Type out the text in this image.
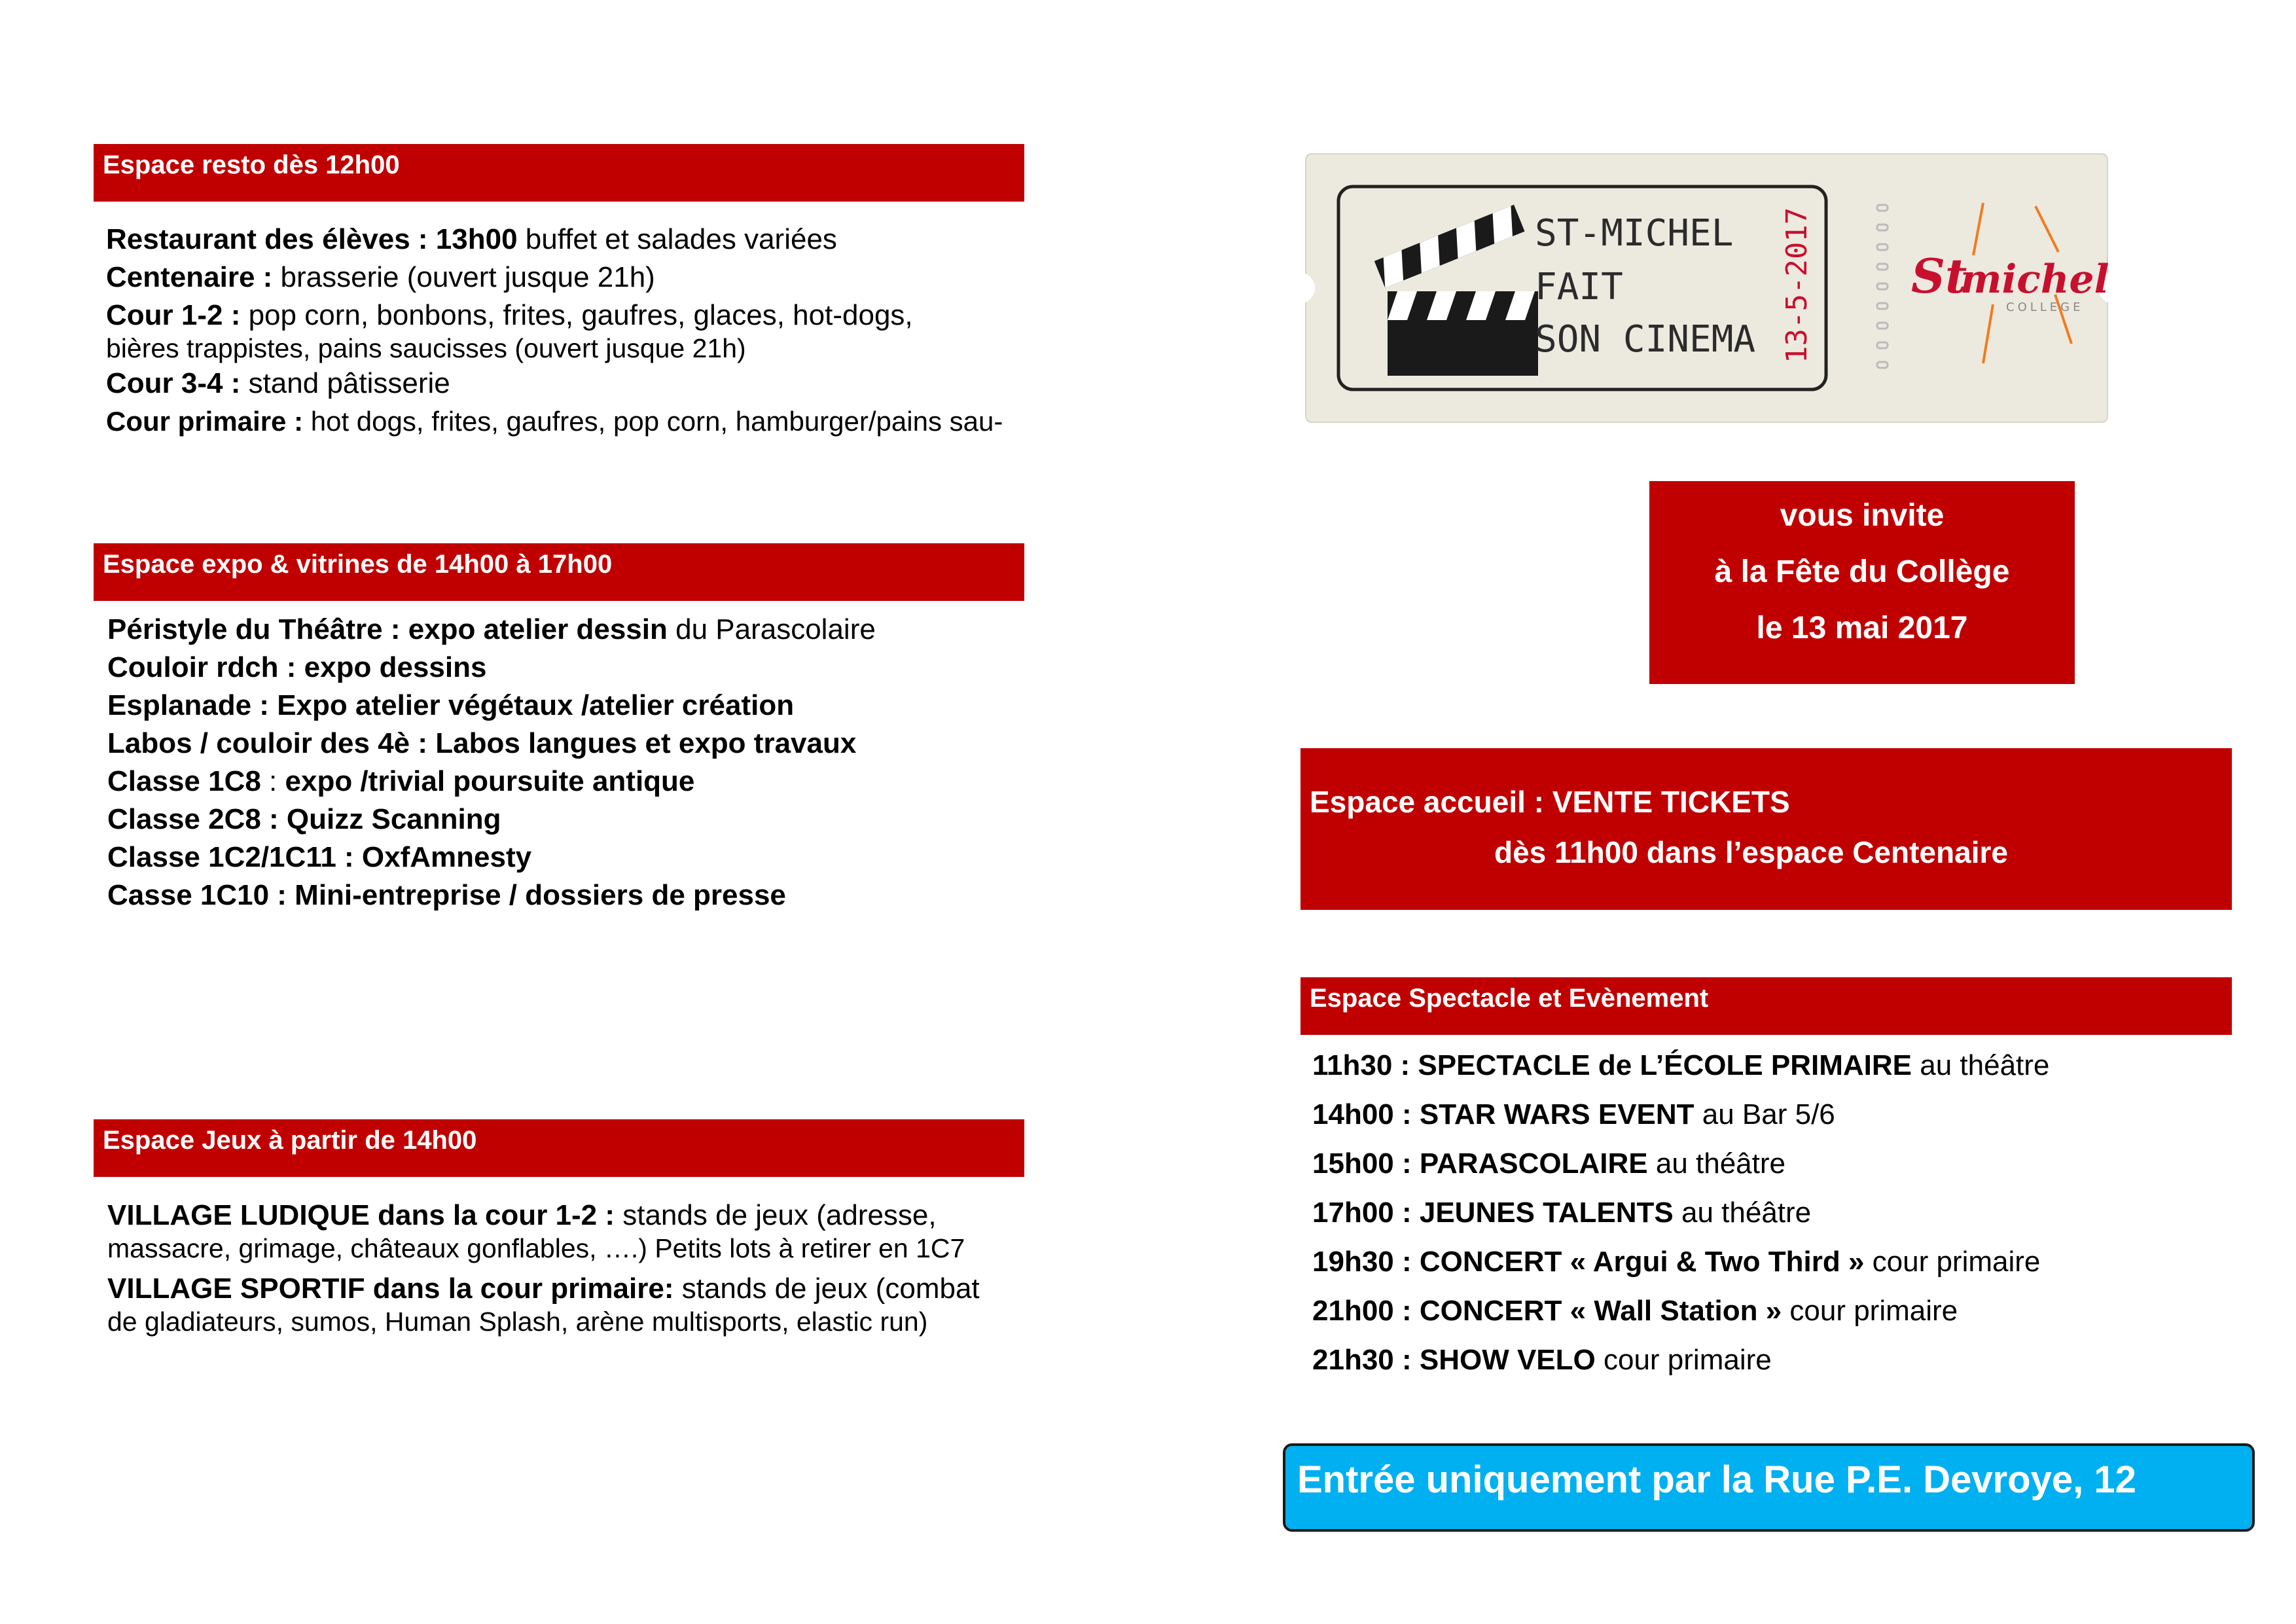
Espace resto dès 12h00
Restaurant des élèves : 13h00 buffet et salades variées
Centenaire : brasserie (ouvert jusque 21h)
Cour 1-2 : pop corn, bonbons, frites, gaufres, glaces, hot-dogs,
bières trappistes, pains saucisses (ouvert jusque 21h)
Cour 3-4 : stand pâtisserie
Cour primaire : hot dogs, frites, gaufres, pop corn, hamburger/pains sau-
Espace expo & vitrines de 14h00 à 17h00
Péristyle du Théâtre : expo atelier dessin du Parascolaire
Couloir rdch : expo dessins
Esplanade : Expo atelier végétaux /atelier création
Labos / couloir des 4è : Labos langues et expo travaux
Classe 1C8 : expo /trivial poursuite antique
Classe 2C8 : Quizz Scanning
Classe 1C2/1C11 : OxfAmnesty
Casse 1C10 : Mini-entreprise / dossiers de presse
Espace Jeux à partir de 14h00
VILLAGE LUDIQUE dans la cour 1-2 : stands de jeux (adresse,
massacre, grimage, châteaux gonflables, ….) Petits lots à retirer en 1C7
VILLAGE SPORTIF dans la cour primaire: stands de jeux (combat
de gladiateurs, sumos, Human Splash, arène multisports, elastic run)
ST-MICHEL
FAIT
SON CINEMA 13-5-2017 St
michel
COLLEGE
vous invite
à la Fête du Collège
le 13 mai 2017
Espace accueil : VENTE TICKETS
dès 11h00 dans l’espace Centenaire
Espace Spectacle et Evènement
11h30 : SPECTACLE de L’ÉCOLE PRIMAIRE au théâtre
14h00 : STAR WARS EVENT au Bar 5/6
15h00 : PARASCOLAIRE au théâtre
17h00 : JEUNES TALENTS au théâtre
19h30 : CONCERT « Argui & Two Third » cour primaire
21h00 : CONCERT « Wall Station » cour primaire
21h30 : SHOW VELO cour primaire
Entrée uniquement par la Rue P.E. Devroye, 12
